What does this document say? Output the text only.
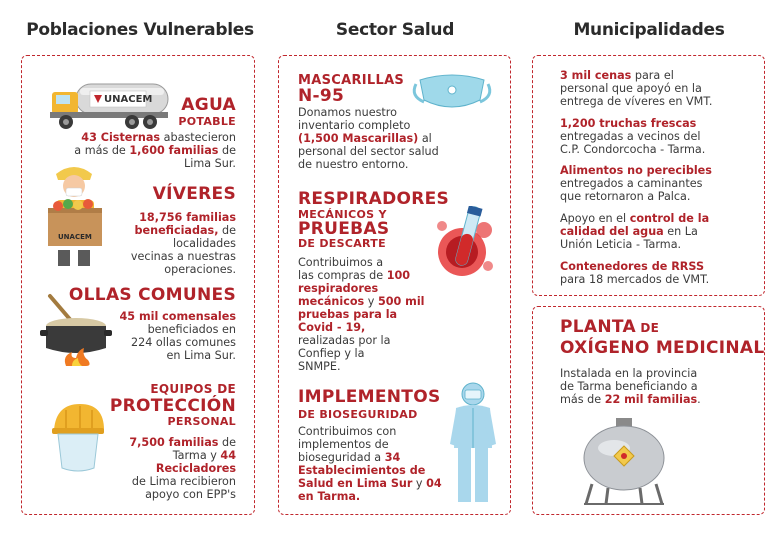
Poblaciones Vulnerables	Sector Salud	Municipalidades
UNACEM	AGUA
POTABLE
43 Cisternas abastecieron
a más de 1,600 familias de
Lima Sur.
UNACEM
VÍVERES
18,756 familias
beneficiadas, de
localidades
vecinas a nuestras
operaciones.
OLLAS COMUNES
45 mil comensales
beneficiados en
224 ollas comunes
en Lima Sur.
EQUIPOS DE
PROTECCIÓN
PERSONAL
7,500 familias de
Tarma y 44
Recicladores
de Lima recibieron
apoyo con EPP's
MASCARILLAS
N-95
Donamos nuestro
inventario completo
(1,500 Mascarillas) al
personal del sector salud
de nuestro entorno.
RESPIRADORES
MECÁNICOS Y
PRUEBAS
DE DESCARTE
Contribuimos a
las compras de 100
respiradores
mecánicos y 500 mil
pruebas para la
Covid - 19,
realizadas por la
Confiep y la
SNMPE.
IMPLEMENTOS
DE BIOSEGURIDAD
Contribuimos con
implementos de
bioseguridad a 34
Establecimientos de
Salud en Lima Sur y 04
en Tarma.
3 mil cenas para el
personal que apoyó en la
entrega de víveres en VMT.
1,200 truchas frescas
entregadas a vecinos del
C.P. Condorcocha - Tarma.
Alimentos no perecibles
entregados a caminantes
que retornaron a Palca.
Apoyo en el control de la
calidad del agua en La
Unión Leticia - Tarma.
Contenedores de RRSS
para 18 mercados de VMT.
PLANTA DE
OXÍGENO MEDICINAL
Instalada en la provincia
de Tarma beneficiando a
más de 22 mil familias.
